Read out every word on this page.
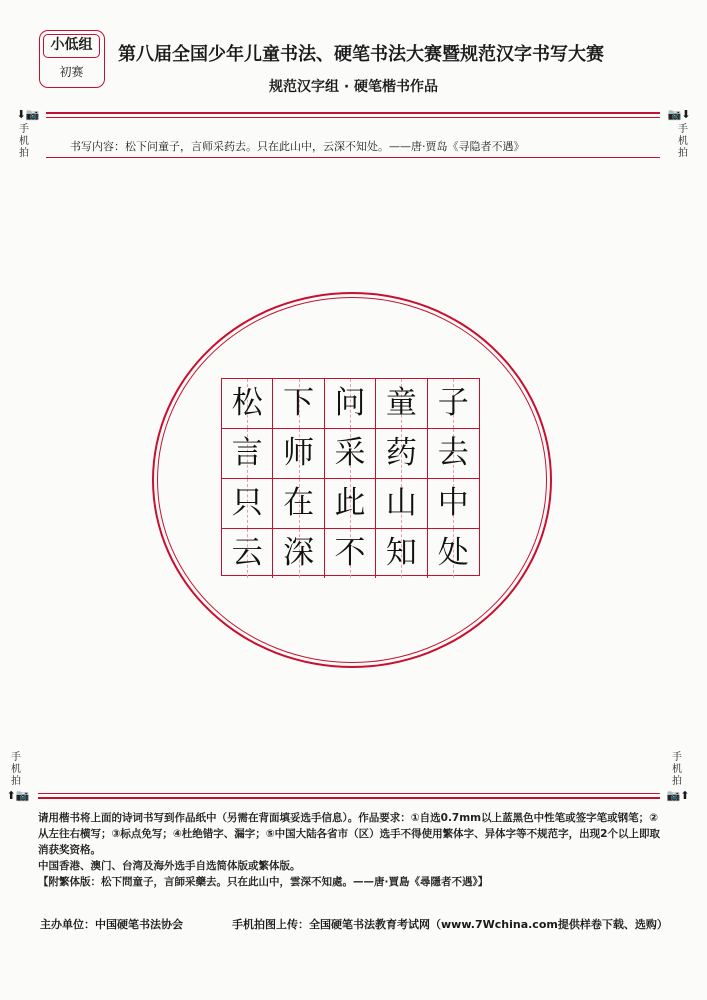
小低组
初赛
第八届全国少年儿童书法、硬笔书法大赛暨规范汉字书写大赛
规范汉字组 · 硬笔楷书作品
⬇📷	📷⬇
手
机
拍
手
机
拍
书写内容：松下问童子，言师采药去。只在此山中，云深不知处。——唐·贾岛《寻隐者不遇》
松 下 问 童 子
言 师 采 药 去
只 在 此 山 中
云 深 不 知 处
手
机
拍
手
机
拍
⬆📷	📷⬆

请用楷书将上面的诗词书写到作品纸中（另需在背面填妥选手信息）。作品要求：①自选0.7mm以上蓝黑色中性笔或签字笔或钢笔；②从左往右横写；③标点免写；④杜绝错字、漏字；⑤中国大陆各省市（区）选手不得使用繁体字、异体字等不规范字，出现2个以上即取消获奖资格。

中国香港、澳门、台湾及海外选手自选简体版或繁体版。

【附繁体版：松下問童子，言師采藥去。只在此山中，雲深不知處。——唐·賈島《尋隱者不遇》】

主办单位：中国硬笔书法协会	手机拍图上传：全国硬笔书法教育考试网（www.7Wchina.com提供样卷下载、选购）
